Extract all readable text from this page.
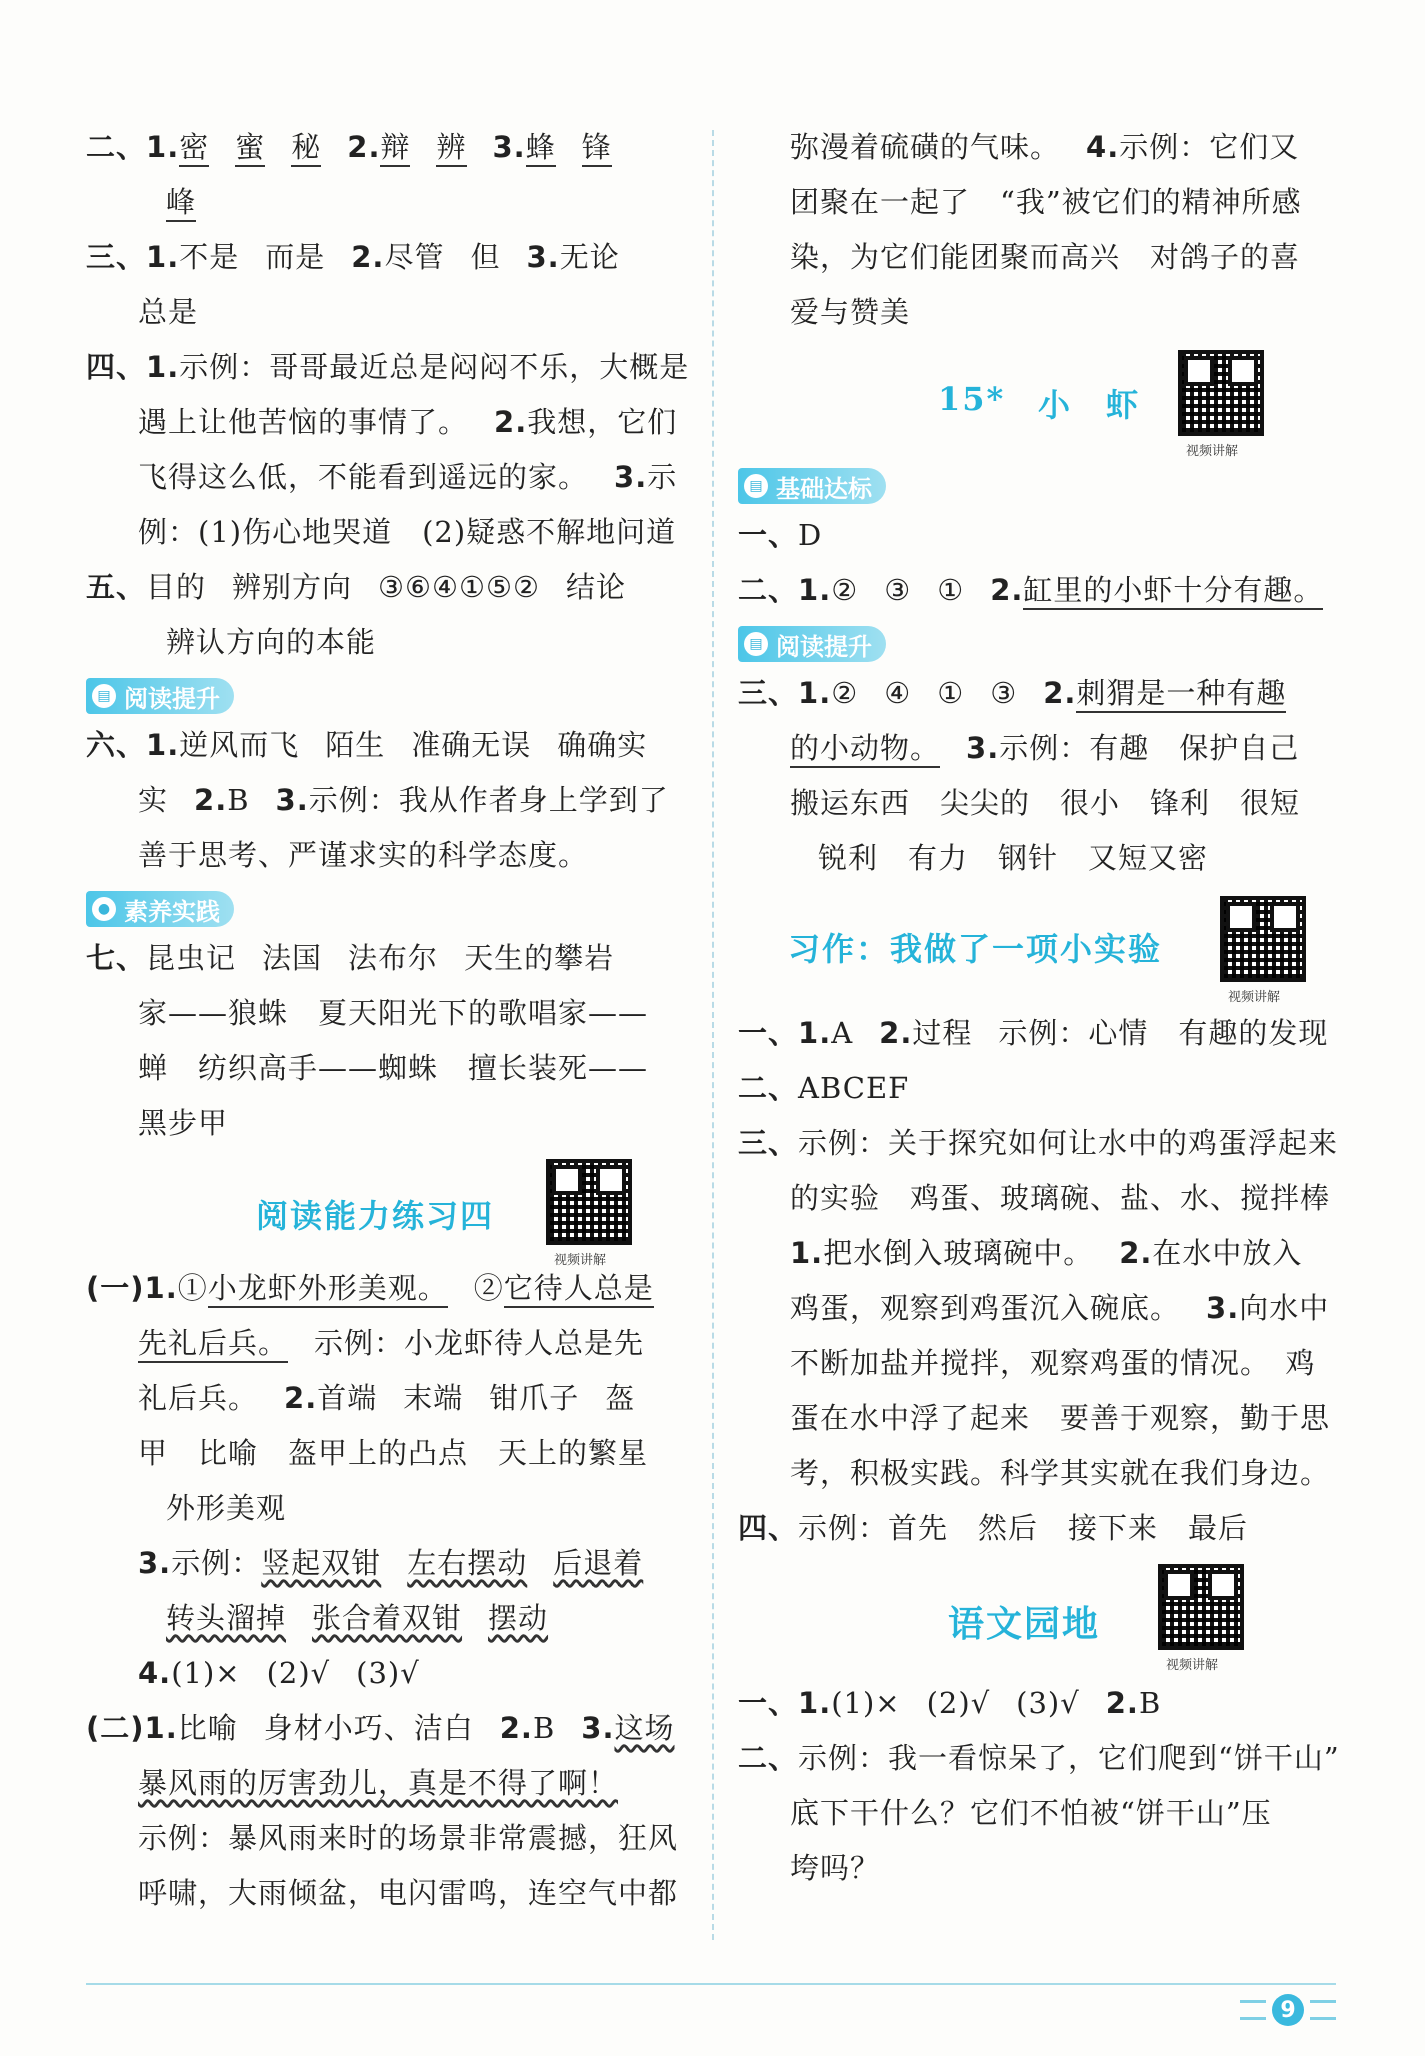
二、1.密 蜜 秘 2.辩 辨 3.蜂 锋
峰
三、1.不是 而是 2.尽管 但 3.无论
总是
四、1.示例：哥哥最近总是闷闷不乐，大概是
遇上让他苦恼的事情了。 2.我想，它们
飞得这么低，不能看到遥远的家。 3.示
例：(1)伤心地哭道　(2)疑惑不解地问道
五、目的 辨别方向 ③⑥④①⑤② 结论
辨认方向的本能
▤ 阅读提升
六、1.逆风而飞 陌生 准确无误 确确实
实 2.B 3.示例：我从作者身上学到了
善于思考、严谨求实的科学态度。
● 素养实践
七、昆虫记 法国 法布尔 天生的攀岩
家——狼蛛　夏天阳光下的歌唱家——
蝉　纺织高手——蜘蛛　擅长装死——
黑步甲
阅读能力练习四
视频讲解
(一)1.①小龙虾外形美观。 ②它待人总是
先礼后兵。 示例：小龙虾待人总是先
礼后兵。 2.首端 末端 钳爪子 盔
甲　比喻　盔甲上的凸点　天上的繁星
外形美观
3.示例：竖起双钳 左右摆动 后退着
转头溜掉 张合着双钳 摆动
4.(1)× (2)√ (3)√
(二)1.比喻 身材小巧、洁白 2.B 3.这场
暴风雨的厉害劲儿，真是不得了啊！
示例：暴风雨来时的场景非常震撼，狂风
呼啸，大雨倾盆，电闪雷鸣，连空气中都
弥漫着硫磺的气味。 4.示例：它们又
团聚在一起了　“我”被它们的精神所感
染，为它们能团聚而高兴　对鸽子的喜
爱与赞美
15* 小　虾
视频讲解
▤ 基础达标
一、D
二、1.② ③ ① 2.缸里的小虾十分有趣。
▤ 阅读提升
三、1.② ④ ① ③ 2.刺猬是一种有趣
的小动物。 3.示例：有趣　保护自己
搬运东西　尖尖的　很小　锋利　很短
锐利　有力　钢针　又短又密
习作：我做了一项小实验
视频讲解
一、1.A 2.过程 示例：心情　有趣的发现
二、ABCEF
三、示例：关于探究如何让水中的鸡蛋浮起来
的实验　鸡蛋、玻璃碗、盐、水、搅拌棒
1.把水倒入玻璃碗中。 2.在水中放入
鸡蛋，观察到鸡蛋沉入碗底。 3.向水中
不断加盐并搅拌，观察鸡蛋的情况。　鸡
蛋在水中浮了起来　要善于观察，勤于思
考，积极实践。科学其实就在我们身边。
四、示例：首先　然后　接下来　最后
语文园地
视频讲解
一、1.(1)× (2)√ (3)√ 2.B
二、示例：我一看惊呆了，它们爬到“饼干山”
底下干什么？它们不怕被“饼干山”压
垮吗？
9
